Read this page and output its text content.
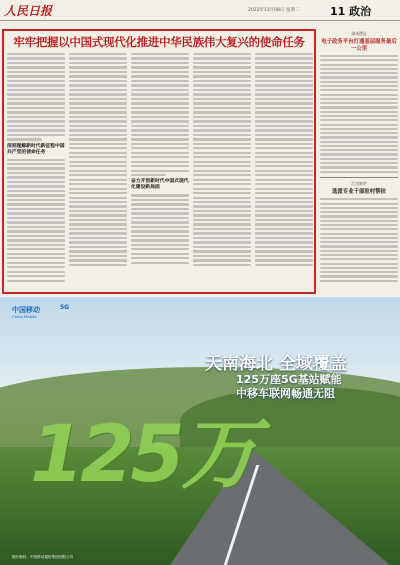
人民日报	2022年11月08日 星期二	11 政治
牢牢把握以中国式现代化推进中华民族伟大复兴的使命任务
深刻理解新时代新征程中国共产党的使命任务
奋力开创新时代中国式现代化建设新局面
湖南澧县
电子政务平台打通基层服务最后一公里
江西新余
选派专业干部驻村帮扶
中国移动	5G
China Mobile
125万
天南海北 全域覆盖
125万座5G基站赋能
中移车联网畅通无阻
图片版权：中国移动通信集团有限公司
